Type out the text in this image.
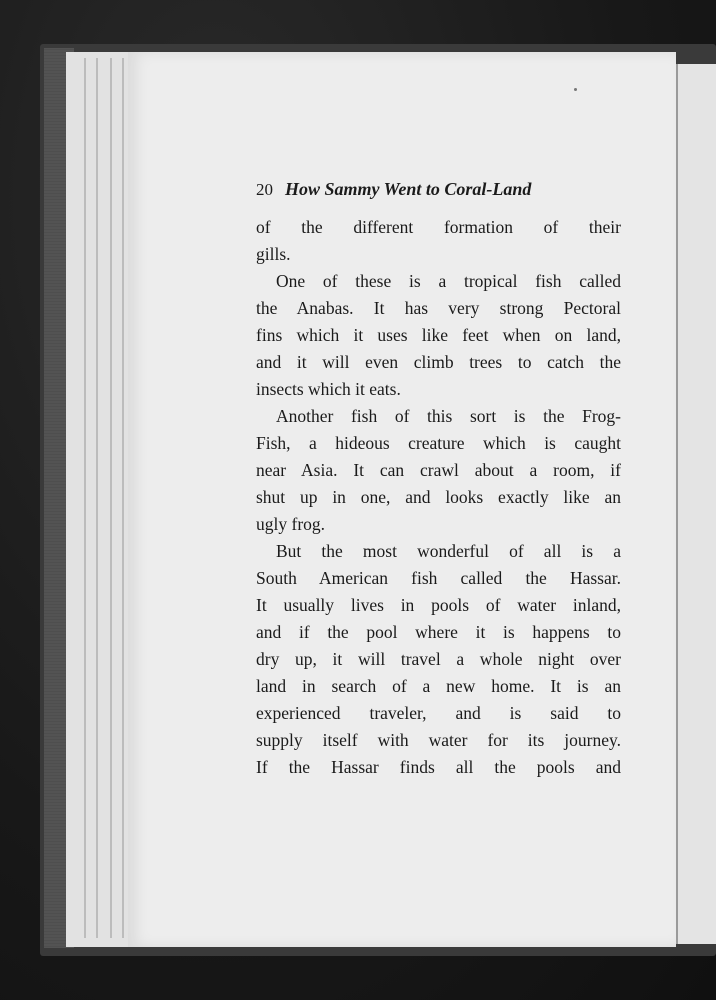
20 How Sammy Went to Coral-Land

of the different formation of their
gills.

One of these is a tropical fish called
the Anabas. It has very strong Pectoral
fins which it uses like feet when on land,
and it will even climb trees to catch the
insects which it eats.

Another fish of this sort is the Frog-
Fish, a hideous creature which is caught
near Asia. It can crawl about a room, if
shut up in one, and looks exactly like an
ugly frog.

But the most wonderful of all is a
South American fish called the Hassar.
It usually lives in pools of water inland,
and if the pool where it is happens to
dry up, it will travel a whole night over
land in search of a new home. It is an
experienced traveler, and is said to
supply itself with water for its journey.
If the Hassar finds all the pools and
